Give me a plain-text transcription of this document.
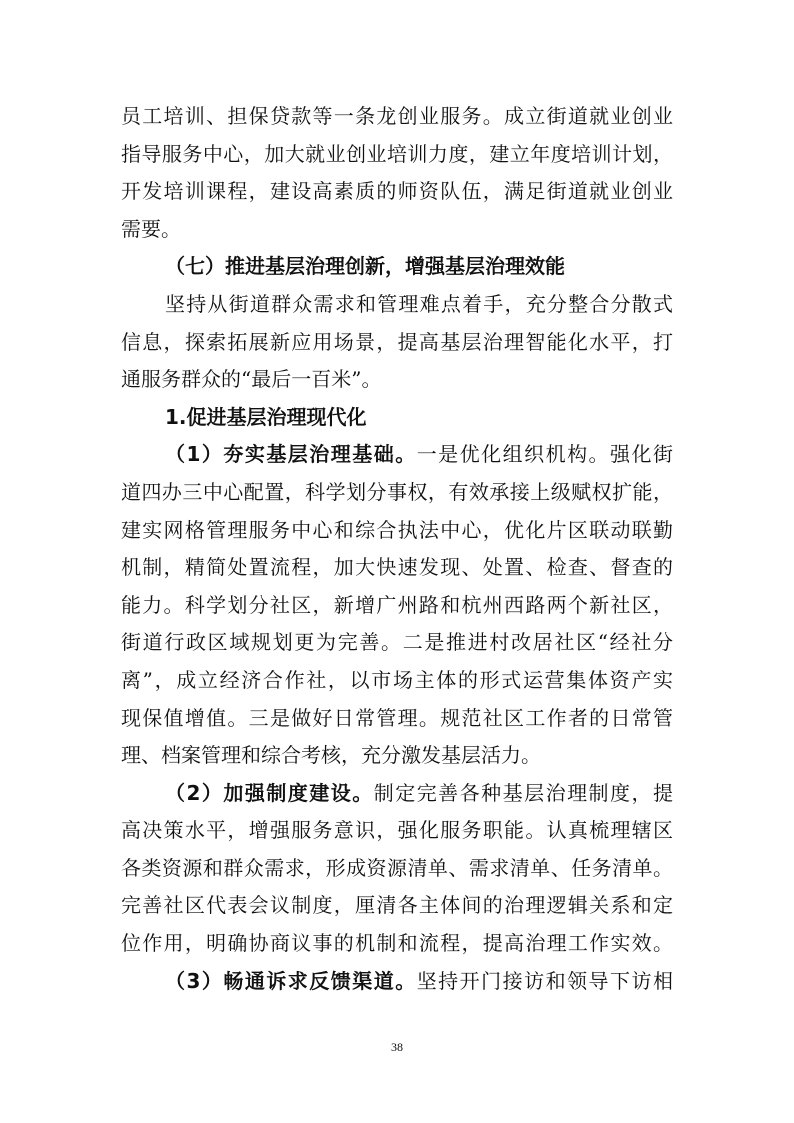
员工培训、担保贷款等一条龙创业服务。成立街道就业创业
指导服务中心，加大就业创业培训力度，建立年度培训计划，
开发培训课程，建设高素质的师资队伍，满足街道就业创业
需要。
（七）推进基层治理创新，增强基层治理效能
坚持从街道群众需求和管理难点着手，充分整合分散式
信息，探索拓展新应用场景，提高基层治理智能化水平，打
通服务群众的“最后一百米”。
1.促进基层治理现代化
（1）夯实基层治理基础。一是优化组织机构。强化街
道四办三中心配置，科学划分事权，有效承接上级赋权扩能，
建实网格管理服务中心和综合执法中心，优化片区联动联勤
机制，精简处置流程，加大快速发现、处置、检查、督查的
能力。科学划分社区，新增广州路和杭州西路两个新社区，
街道行政区域规划更为完善。二是推进村改居社区“经社分
离”，成立经济合作社，以市场主体的形式运营集体资产实
现保值增值。三是做好日常管理。规范社区工作者的日常管
理、档案管理和综合考核，充分激发基层活力。
（2）加强制度建设。制定完善各种基层治理制度，提
高决策水平，增强服务意识，强化服务职能。认真梳理辖区
各类资源和群众需求，形成资源清单、需求清单、任务清单。
完善社区代表会议制度，厘清各主体间的治理逻辑关系和定
位作用，明确协商议事的机制和流程，提高治理工作实效。
（3）畅通诉求反馈渠道。坚持开门接访和领导下访相
38
